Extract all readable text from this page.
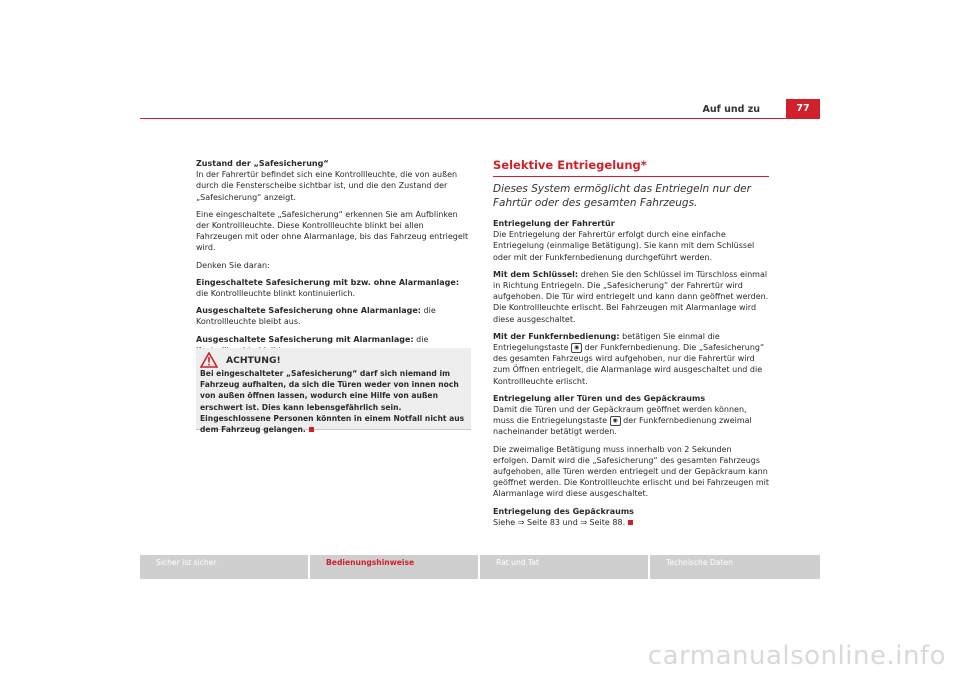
Auf und zu	77

Zustand der „Safesicherung“

In der Fahrertür befindet sich eine Kontrollleuchte, die von außen durch die Fensterscheibe sichtbar ist, und die den Zustand der „Safesicherung“ anzeigt.

Eine eingeschaltete „Safesicherung“ erkennen Sie am Aufblinken der Kontrollleuchte. Diese Kontrollleuchte blinkt bei allen Fahrzeugen mit oder ohne Alarmanlage, bis das Fahrzeug entriegelt wird.

Denken Sie daran:

Eingeschaltete Safesicherung mit bzw. ohne Alarmanlage: die Kontrollleuchte blinkt kontinuierlich.

Ausgeschaltete Safesicherung ohne Alarmanlage: die Kontrollleuchte bleibt aus.

Ausgeschaltete Safesicherung mit Alarmanlage: die

ACHTUNG!
Bei eingeschalteter „Safesicherung“ darf sich niemand im Fahrzeug aufhalten, da sich die Türen weder von innen noch von außen öffnen lassen, wodurch eine Hilfe von außen erschwert ist. Dies kann lebensgefährlich sein. Eingeschlossene Personen könnten in einem Notfall nicht aus dem Fahrzeug gelangen.
Selektive Entriegelung*

Dieses System ermöglicht das Entriegeln nur der Fahrtür oder des gesamten Fahrzeugs.

Entriegelung der Fahrertür

Die Entriegelung der Fahrertür erfolgt durch eine einfache Entriegelung (einmalige Betätigung). Sie kann mit dem Schlüssel oder mit der Funkfernbedienung durchgeführt werden.

Mit dem Schlüssel: drehen Sie den Schlüssel im Türschloss einmal in Richtung Entriegeln. Die „Safesicherung“ der Fahrertür wird aufgehoben. Die Tür wird entriegelt und kann dann geöffnet werden. Die Kontrollleuchte erlischt. Bei Fahrzeugen mit Alarmanlage wird diese ausgeschaltet.

Mit der Funkfernbedienung: betätigen Sie einmal die Entriegelungstaste ◉ der Funkfernbedienung. Die „Safesicherung“ des gesamten Fahrzeugs wird aufgehoben, nur die Fahrertür wird zum Öffnen entriegelt, die Alarmanlage wird ausgeschaltet und die Kontrollleuchte erlischt.

Entriegelung aller Türen und des Gepäckraums

Damit die Türen und der Gepäckraum geöffnet werden können, muss die Entriegelungstaste ◉ der Funkfernbedienung zweimal nacheinander betätigt werden.

Die zweimalige Betätigung muss innerhalb von 2 Sekunden erfolgen. Damit wird die „Safesicherung“ des gesamten Fahrzeugs aufgehoben, alle Türen werden entriegelt und der Gepäckraum kann geöffnet werden. Die Kontrollleuchte erlischt und bei Fahrzeugen mit Alarmanlage wird diese ausgeschaltet.

Entriegelung des Gepäckraums

Siehe ⇒ Seite 83 und ⇒ Seite 88.

Sicher ist sicher	Bedienungshinweise	Rat und Tat	Technische Daten
carmanualsonline.info
